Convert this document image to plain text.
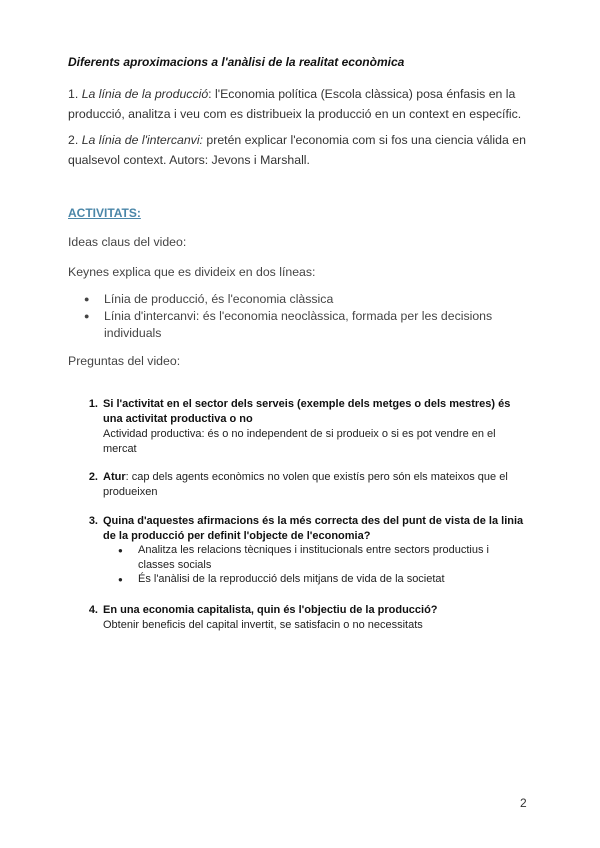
Diferents aproximacions a l'anàlisi de la realitat econòmica
1. La línia de la producció: l'Economia política (Escola clàssica) posa énfasis en la producció, analitza i veu com es distribueix la producció en un context en específic.
2. La línia de l'intercanvi: pretén explicar l'economia com si fos una ciencia válida en qualsevol context. Autors: Jevons i Marshall.
ACTIVITATS:
Ideas claus del video:
Keynes explica que es divideix en dos líneas:
● Línia de producció, és l'economia clàssica
● Línia d'intercanvi: és l'economia neoclàssica, formada per les decisions individuals
Preguntas del video:
1. Si l'activitat en el sector dels serveis (exemple dels metges o dels mestres) és una activitat productiva o no
Actividad productiva: és o no independent de si produeix o si es pot vendre en el mercat
2. Atur: cap dels agents econòmics no volen que existís pero són els mateixos que el produeixen
3. Quina d'aquestes afirmacions és la més correcta des del punt de vista de la linia de la producció per definit l'objecte de l'economia?
● Analitza les relacions tècniques i institucionals entre sectors productius i classes socials
● És l'anàlisi de la reproducció dels mitjans de vida de la societat
4. En una economia capitalista, quin és l'objectiu de la producció?
Obtenir beneficis del capital invertit, se satisfacin o no necessitats
2
